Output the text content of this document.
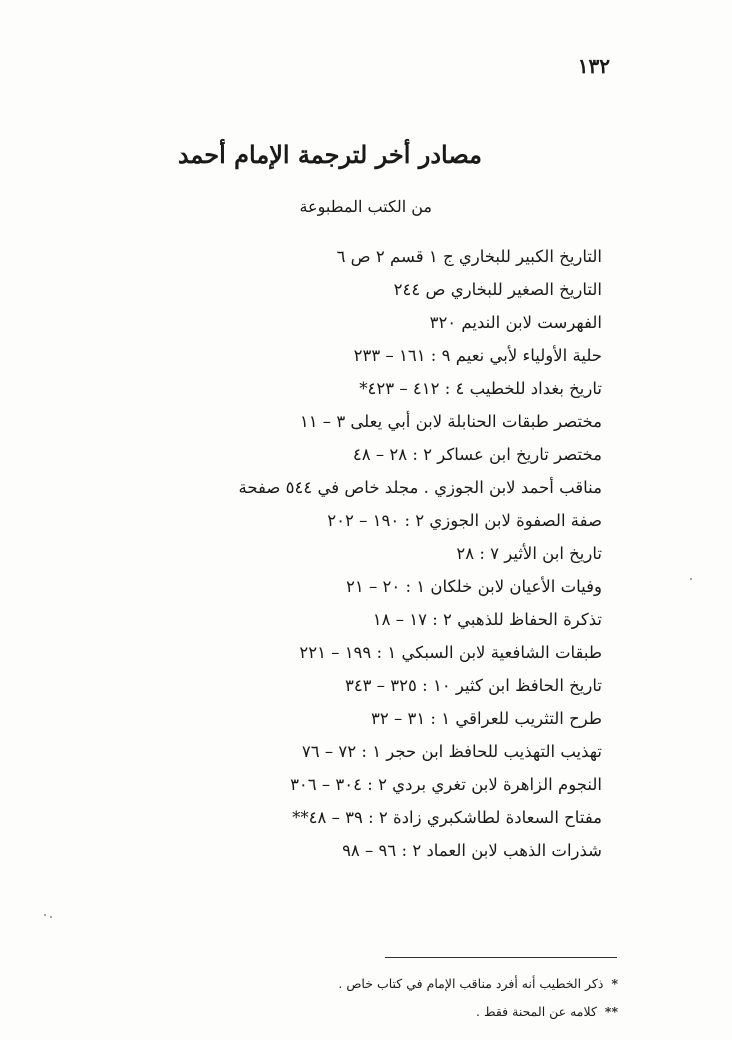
١٣٢
مصادر أخر لترجمة الإمام أحمد
من الكتب المطبوعة
التاريخ الكبير للبخاري ج ١ قسم ٢ ص ٦
التاريخ الصغير للبخاري ص ٢٤٤
الفهرست لابن النديم ٣٢٠
حلية الأولياء لأبي نعيم ٩ : ١٦١ – ٢٣٣
تاريخ بغداد للخطيب ٤ : ٤١٢ – ٤٢٣*
مختصر طبقات الحنابلة لابن أبي يعلى ٣ – ١١
مختصر تاريخ ابن عساكر ٢ : ٢٨ – ٤٨
مناقب أحمد لابن الجوزي . مجلد خاص في ٥٤٤ صفحة
صفة الصفوة لابن الجوزي ٢ : ١٩٠ – ٢٠٢
تاريخ ابن الأثير ٧ : ٢٨
وفيات الأعيان لابن خلكان ١ : ٢٠ – ٢١
تذكرة الحفاظ للذهبي ٢ : ١٧ – ١٨
طبقات الشافعية لابن السبكي ١ : ١٩٩ – ٢٢١
تاريخ الحافظ ابن كثير ١٠ : ٣٢٥ – ٣٤٣
طرح التثريب للعراقي ١ : ٣١ – ٣٢
تهذيب التهذيب للحافظ ابن حجر ١ : ٧٢ – ٧٦
النجوم الزاهرة لابن تغري بردي ٢ : ٣٠٤ – ٣٠٦
مفتاح السعادة لطاشكبري زادة ٢ : ٣٩ – ٤٨**
شذرات الذهب لابن العماد ٢ : ٩٦ – ٩٨
*ذكر الخطيب أنه أفرد مناقب الإمام في كتاب خاص .
**كلامه عن المحنة فقط .
